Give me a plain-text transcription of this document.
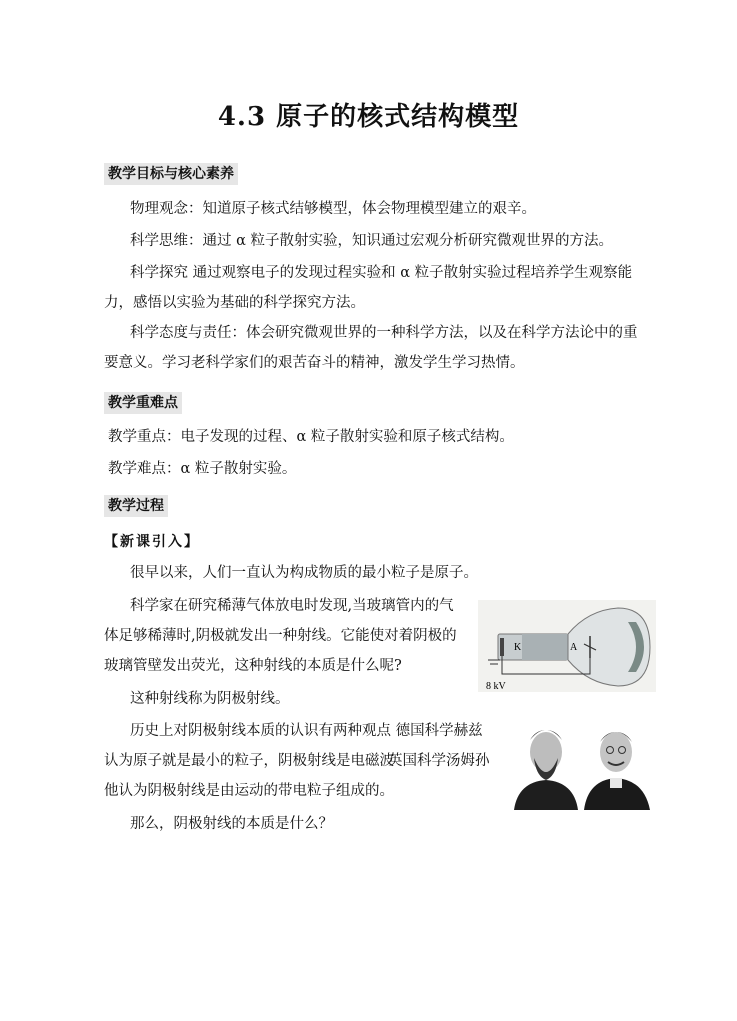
4.3 原子的核式结构模型
教学目标与核心素养
物理观念：知道原子核式结够模型，体会物理模型建立的艰辛。
科学思维：通过 α 粒子散射实验，知识通过宏观分析研究微观世界的方法。
科学探究 通过观察电子的发现过程实验和 α 粒子散射实验过程培养学生观察能
力，感悟以实验为基础的科学探究方法。
科学态度与责任：体会研究微观世界的一种科学方法，以及在科学方法论中的重
要意义。学习老科学家们的艰苦奋斗的精神，激发学生学习热情。
教学重难点
教学重点：电子发现的过程、α 粒子散射实验和原子核式结构。
教学难点：α 粒子散射实验。
教学过程
【新课引入】
很早以来，人们一直认为构成物质的最小粒子是原子。
科学家在研究稀薄气体放电时发现,当玻璃管内的气
体足够稀薄时,阴极就发出一种射线。它能使对着阴极的
玻璃管壁发出荧光，这种射线的本质是什么呢?
这种射线称为阴极射线。
历史上对阴极射线本质的认识有两种观点 德国科学赫兹
认为原子就是最小的粒子，阴极射线是电磁波
英国科学汤姆孙
他认为阴极射线是由运动的带电粒子组成的。
那么，阴极射线的本质是什么？
K	A
8 kV
